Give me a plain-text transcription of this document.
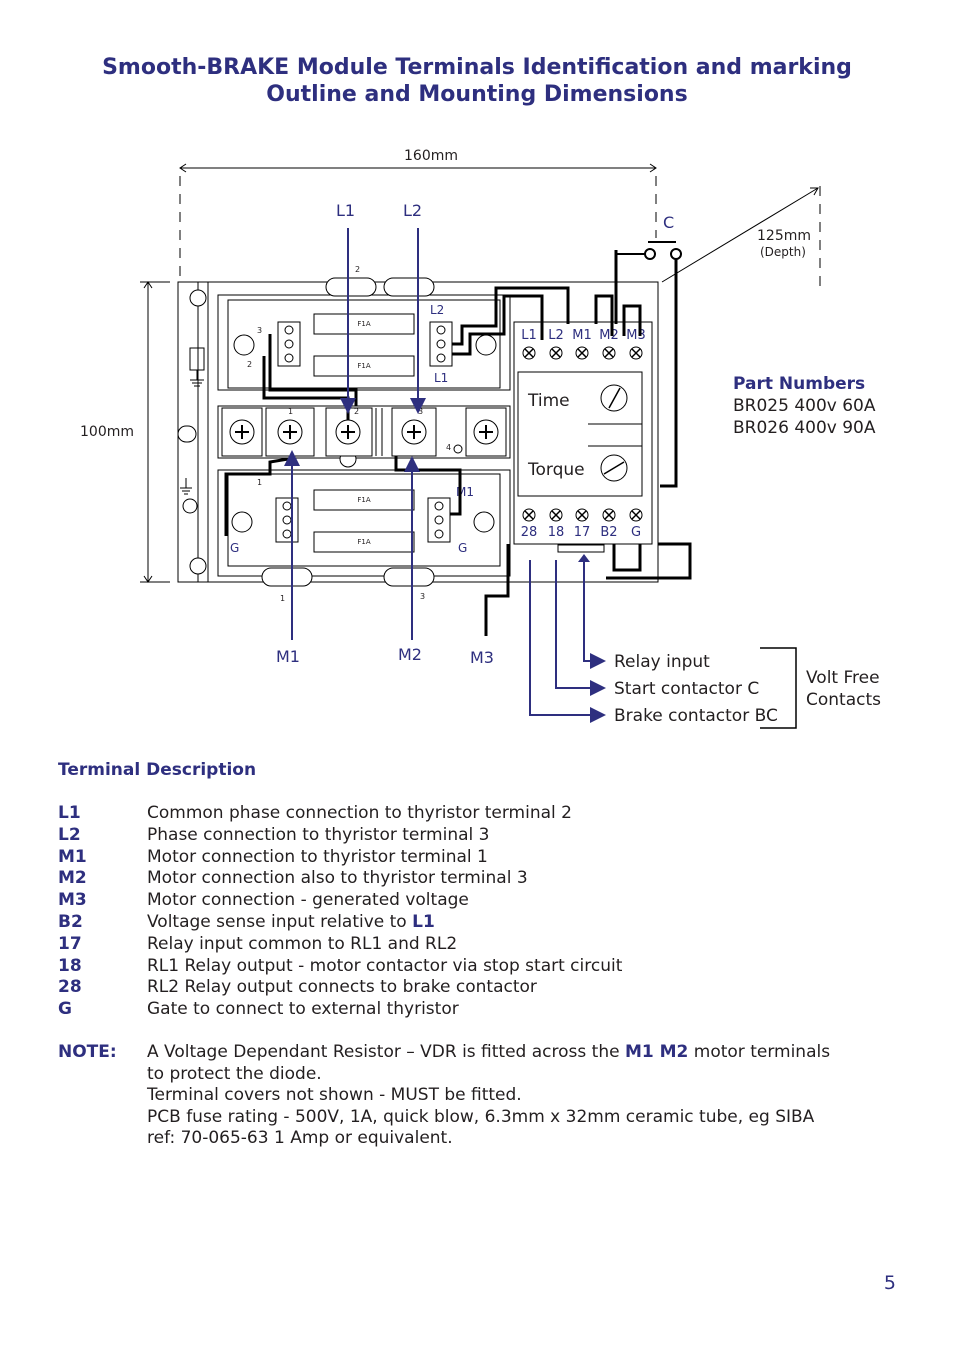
Smooth-BRAKE Module Terminals Identification and marking
Outline and Mounting Dimensions
160mm
100mm
125mm
(Depth)
F1A
F1A
F1A
F1A
2
3
2
1	2	3
4
1
1	3
L2
L1
M1
G	G
Time
Torque
L1 L2 M1 M2 M3
28 18 17 B2 G
L1	L2
C
M1	M2	M3	Relay input
Start contactor C
Brake contactor BC
Volt Free
Contacts
Part Numbers
BR025 400v 60A
BR026 400v 90A
Terminal Description
L1	Common phase connection to thyristor terminal 2
L2	Phase connection to thyristor terminal 3
M1	Motor connection to thyristor terminal 1
M2	Motor connection also to thyristor terminal 3
M3	Motor connection - generated voltage
B2	Voltage sense input relative to L1
17	Relay input common to RL1 and RL2
18	RL1 Relay output - motor contactor via stop start circuit
28	RL2 Relay output connects to brake contactor
G	Gate to connect to external thyristor
NOTE: A Voltage Dependant Resistor – VDR is fitted across the M1 M2 motor terminals
to protect the diode.
Terminal covers not shown - MUST be fitted.
PCB fuse rating - 500V, 1A, quick blow, 6.3mm x 32mm ceramic tube, eg SIBA
ref: 70-065-63 1 Amp or equivalent.
5
